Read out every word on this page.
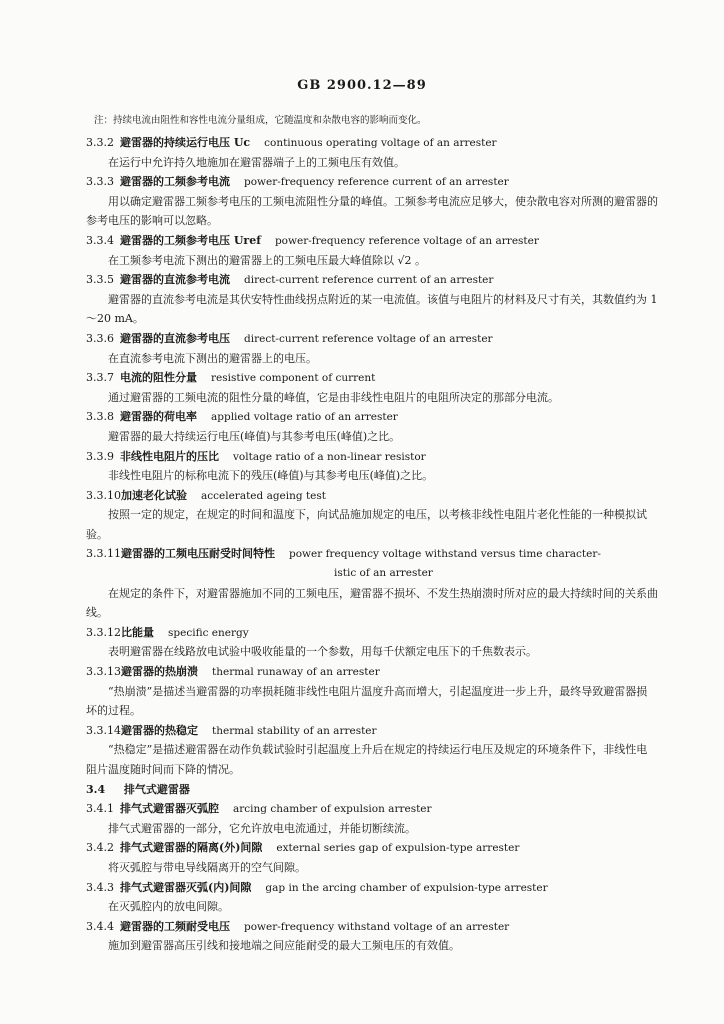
GB 2900.12—89
注：持续电流由阻性和容性电流分量组成，它随温度和杂散电容的影响而变化。
3.3.2 避雷器的持续运行电压 Uc continuous operating voltage of an arrester

在运行中允许持久地施加在避雷器端子上的工频电压有效值。

3.3.3 避雷器的工频参考电流 power-frequency reference current of an arrester

用以确定避雷器工频参考电压的工频电流阻性分量的峰值。工频参考电流应足够大，使杂散电容对所测的避雷器的参考电压的影响可以忽略。

3.3.4 避雷器的工频参考电压 Uref power-frequency reference voltage of an arrester

在工频参考电流下测出的避雷器上的工频电压最大峰值除以 √2 。

3.3.5 避雷器的直流参考电流 direct-current reference current of an arrester

避雷器的直流参考电流是其伏安特性曲线拐点附近的某一电流值。该值与电阻片的材料及尺寸有关，其数值约为 1～20 mA。

3.3.6 避雷器的直流参考电压 direct-current reference voltage of an arrester

在直流参考电流下测出的避雷器上的电压。

3.3.7 电流的阻性分量 resistive component of current

通过避雷器的工频电流的阻性分量的峰值，它是由非线性电阻片的电阻所决定的那部分电流。

3.3.8 避雷器的荷电率 applied voltage ratio of an arrester

避雷器的最大持续运行电压(峰值)与其参考电压(峰值)之比。

3.3.9 非线性电阻片的压比 voltage ratio of a non-linear resistor

非线性电阻片的标称电流下的残压(峰值)与其参考电压(峰值)之比。

3.3.10加速老化试验 accelerated ageing test

按照一定的规定，在规定的时间和温度下，向试品施加规定的电压，以考核非线性电阻片老化性能的一种模拟试验。

3.3.11避雷器的工频电压耐受时间特性 power frequency voltage withstand versus time character-
istic of an arrester

在规定的条件下，对避雷器施加不同的工频电压，避雷器不损坏、不发生热崩溃时所对应的最大持续时间的关系曲线。

3.3.12比能量 specific energy

表明避雷器在线路放电试验中吸收能量的一个参数，用每千伏额定电压下的千焦数表示。

3.3.13避雷器的热崩溃 thermal runaway of an arrester

“热崩溃”是描述当避雷器的功率损耗随非线性电阻片温度升高而增大，引起温度进一步上升，最终导致避雷器损坏的过程。

3.3.14避雷器的热稳定 thermal stability of an arrester

“热稳定”是描述避雷器在动作负载试验时引起温度上升后在规定的持续运行电压及规定的环境条件下，非线性电阻片温度随时间而下降的情况。

3.4 排气式避雷器
3.4.1 排气式避雷器灭弧腔 arcing chamber of expulsion arrester

排气式避雷器的一部分，它允许放电电流通过，并能切断续流。

3.4.2 排气式避雷器的隔离(外)间隙 external series gap of expulsion-type arrester

将灭弧腔与带电导线隔离开的空气间隙。

3.4.3 排气式避雷器灭弧(内)间隙 gap in the arcing chamber of expulsion-type arrester

在灭弧腔内的放电间隙。

3.4.4 避雷器的工频耐受电压 power-frequency withstand voltage of an arrester

施加到避雷器高压引线和接地端之间应能耐受的最大工频电压的有效值。
